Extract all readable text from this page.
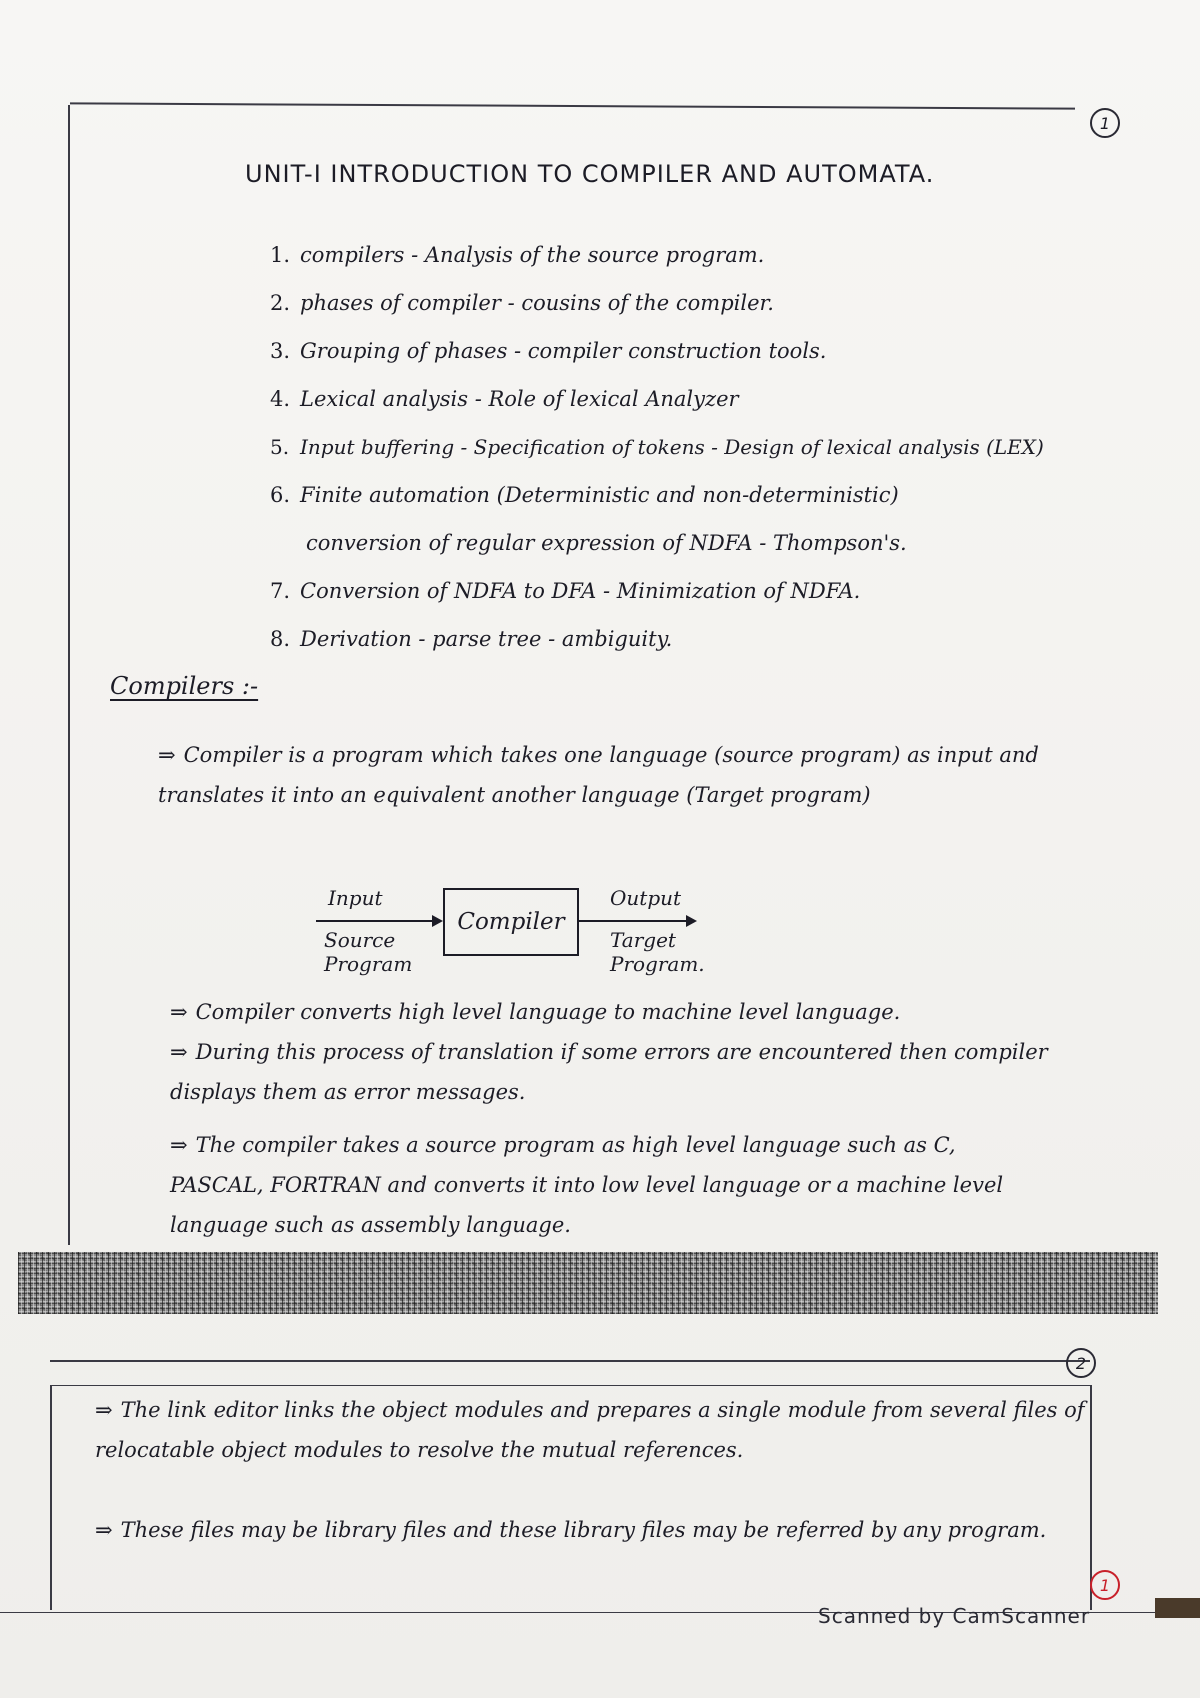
1
UNIT-I INTRODUCTION TO COMPILER AND AUTOMATA.
1. compilers - Analysis of the source program.
2. phases of compiler - cousins of the compiler.
3. Grouping of phases - compiler construction tools.
4. Lexical analysis - Role of lexical Analyzer
5. Input buffering - Specification of tokens - Design of lexical analysis (LEX)
6. Finite automation (Deterministic and non-deterministic)
conversion of regular expression of NDFA - Thompson's.
7. Conversion of NDFA to DFA - Minimization of NDFA.
8. Derivation - parse tree - ambiguity.
Compilers :-
⇒ Compiler is a program which takes one language (source program) as input and translates it into an equivalent another language (Target program)
Input
Source Program
Compiler
Output
Target Program.
⇒ Compiler converts high level language to machine level language.
⇒ During this process of translation if some errors are encountered then compiler displays them as error messages.
⇒ The compiler takes a source program as high level language such as C, PASCAL, FORTRAN and converts it into low level language or a machine level language such as assembly language.
2
⇒ The link editor links the object modules and prepares a single module from several files of relocatable object modules to resolve the mutual references.
⇒ These files may be library files and these library files may be referred by any program.
1
Scanned by CamScanner
